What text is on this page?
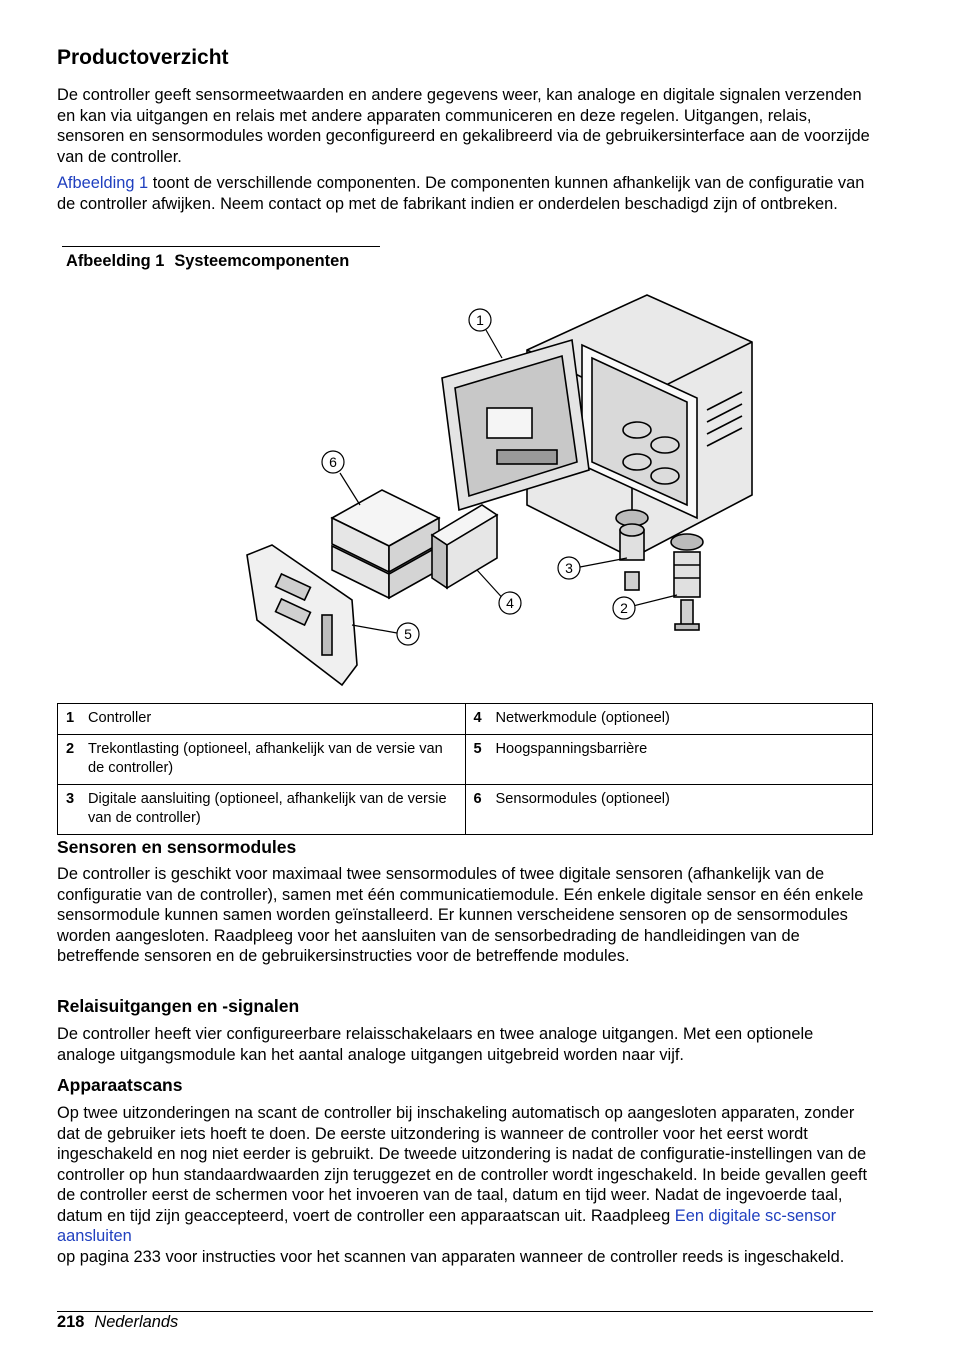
Productoverzicht

De controller geeft sensormeetwaarden en andere gegevens weer, kan analoge en digitale signalen verzenden en kan via uitgangen en relais met andere apparaten communiceren en deze regelen. Uitgangen, relais, sensoren en sensormodules worden geconfigureerd en gekalibreerd via de gebruikersinterface aan de voorzijde van de controller.

Afbeelding 1 toont de verschillende componenten. De componenten kunnen afhankelijk van de configuratie van de controller afwijken. Neem contact op met de fabrikant indien er onderdelen beschadigd zijn of ontbreken.

Afbeelding 1 Systeemcomponenten
1
2
3
4
5
6
1 Controller	4 Netwerkmodule (optioneel)
2 Trekontlasting (optioneel, afhankelijk van de versie van de controller)	5 Hoogspanningsbarrière
3 Digitale aansluiting (optioneel, afhankelijk van de versie van de controller)	6 Sensormodules (optioneel)
Sensoren en sensormodules

De controller is geschikt voor maximaal twee sensormodules of twee digitale sensoren (afhankelijk van de configuratie van de controller), samen met één communicatiemodule. Eén enkele digitale sensor en één enkele sensormodule kunnen samen worden geïnstalleerd. Er kunnen verscheidene sensoren op de sensormodules worden aangesloten. Raadpleeg voor het aansluiten van de sensorbedrading de handleidingen van de betreffende sensoren en de gebruikersinstructies voor de betreffende modules.

Relaisuitgangen en -signalen

De controller heeft vier configureerbare relaisschakelaars en twee analoge uitgangen. Met een optionele analoge uitgangsmodule kan het aantal analoge uitgangen uitgebreid worden naar vijf.

Apparaatscans

Op twee uitzonderingen na scant de controller bij inschakeling automatisch op aangesloten apparaten, zonder dat de gebruiker iets hoeft te doen. De eerste uitzondering is wanneer de controller voor het eerst wordt ingeschakeld en nog niet eerder is gebruikt. De tweede uitzondering is nadat de configuratie-instellingen van de controller op hun standaardwaarden zijn teruggezet en de controller wordt ingeschakeld. In beide gevallen geeft de controller eerst de schermen voor het invoeren van de taal, datum en tijd weer. Nadat de ingevoerde taal, datum en tijd zijn geaccepteerd, voert de controller een apparaatscan uit. Raadpleeg Een digitale sc-sensor aansluiten
op pagina 233 voor instructies voor het scannen van apparaten wanneer de controller reeds is ingeschakeld.

218 Nederlands
